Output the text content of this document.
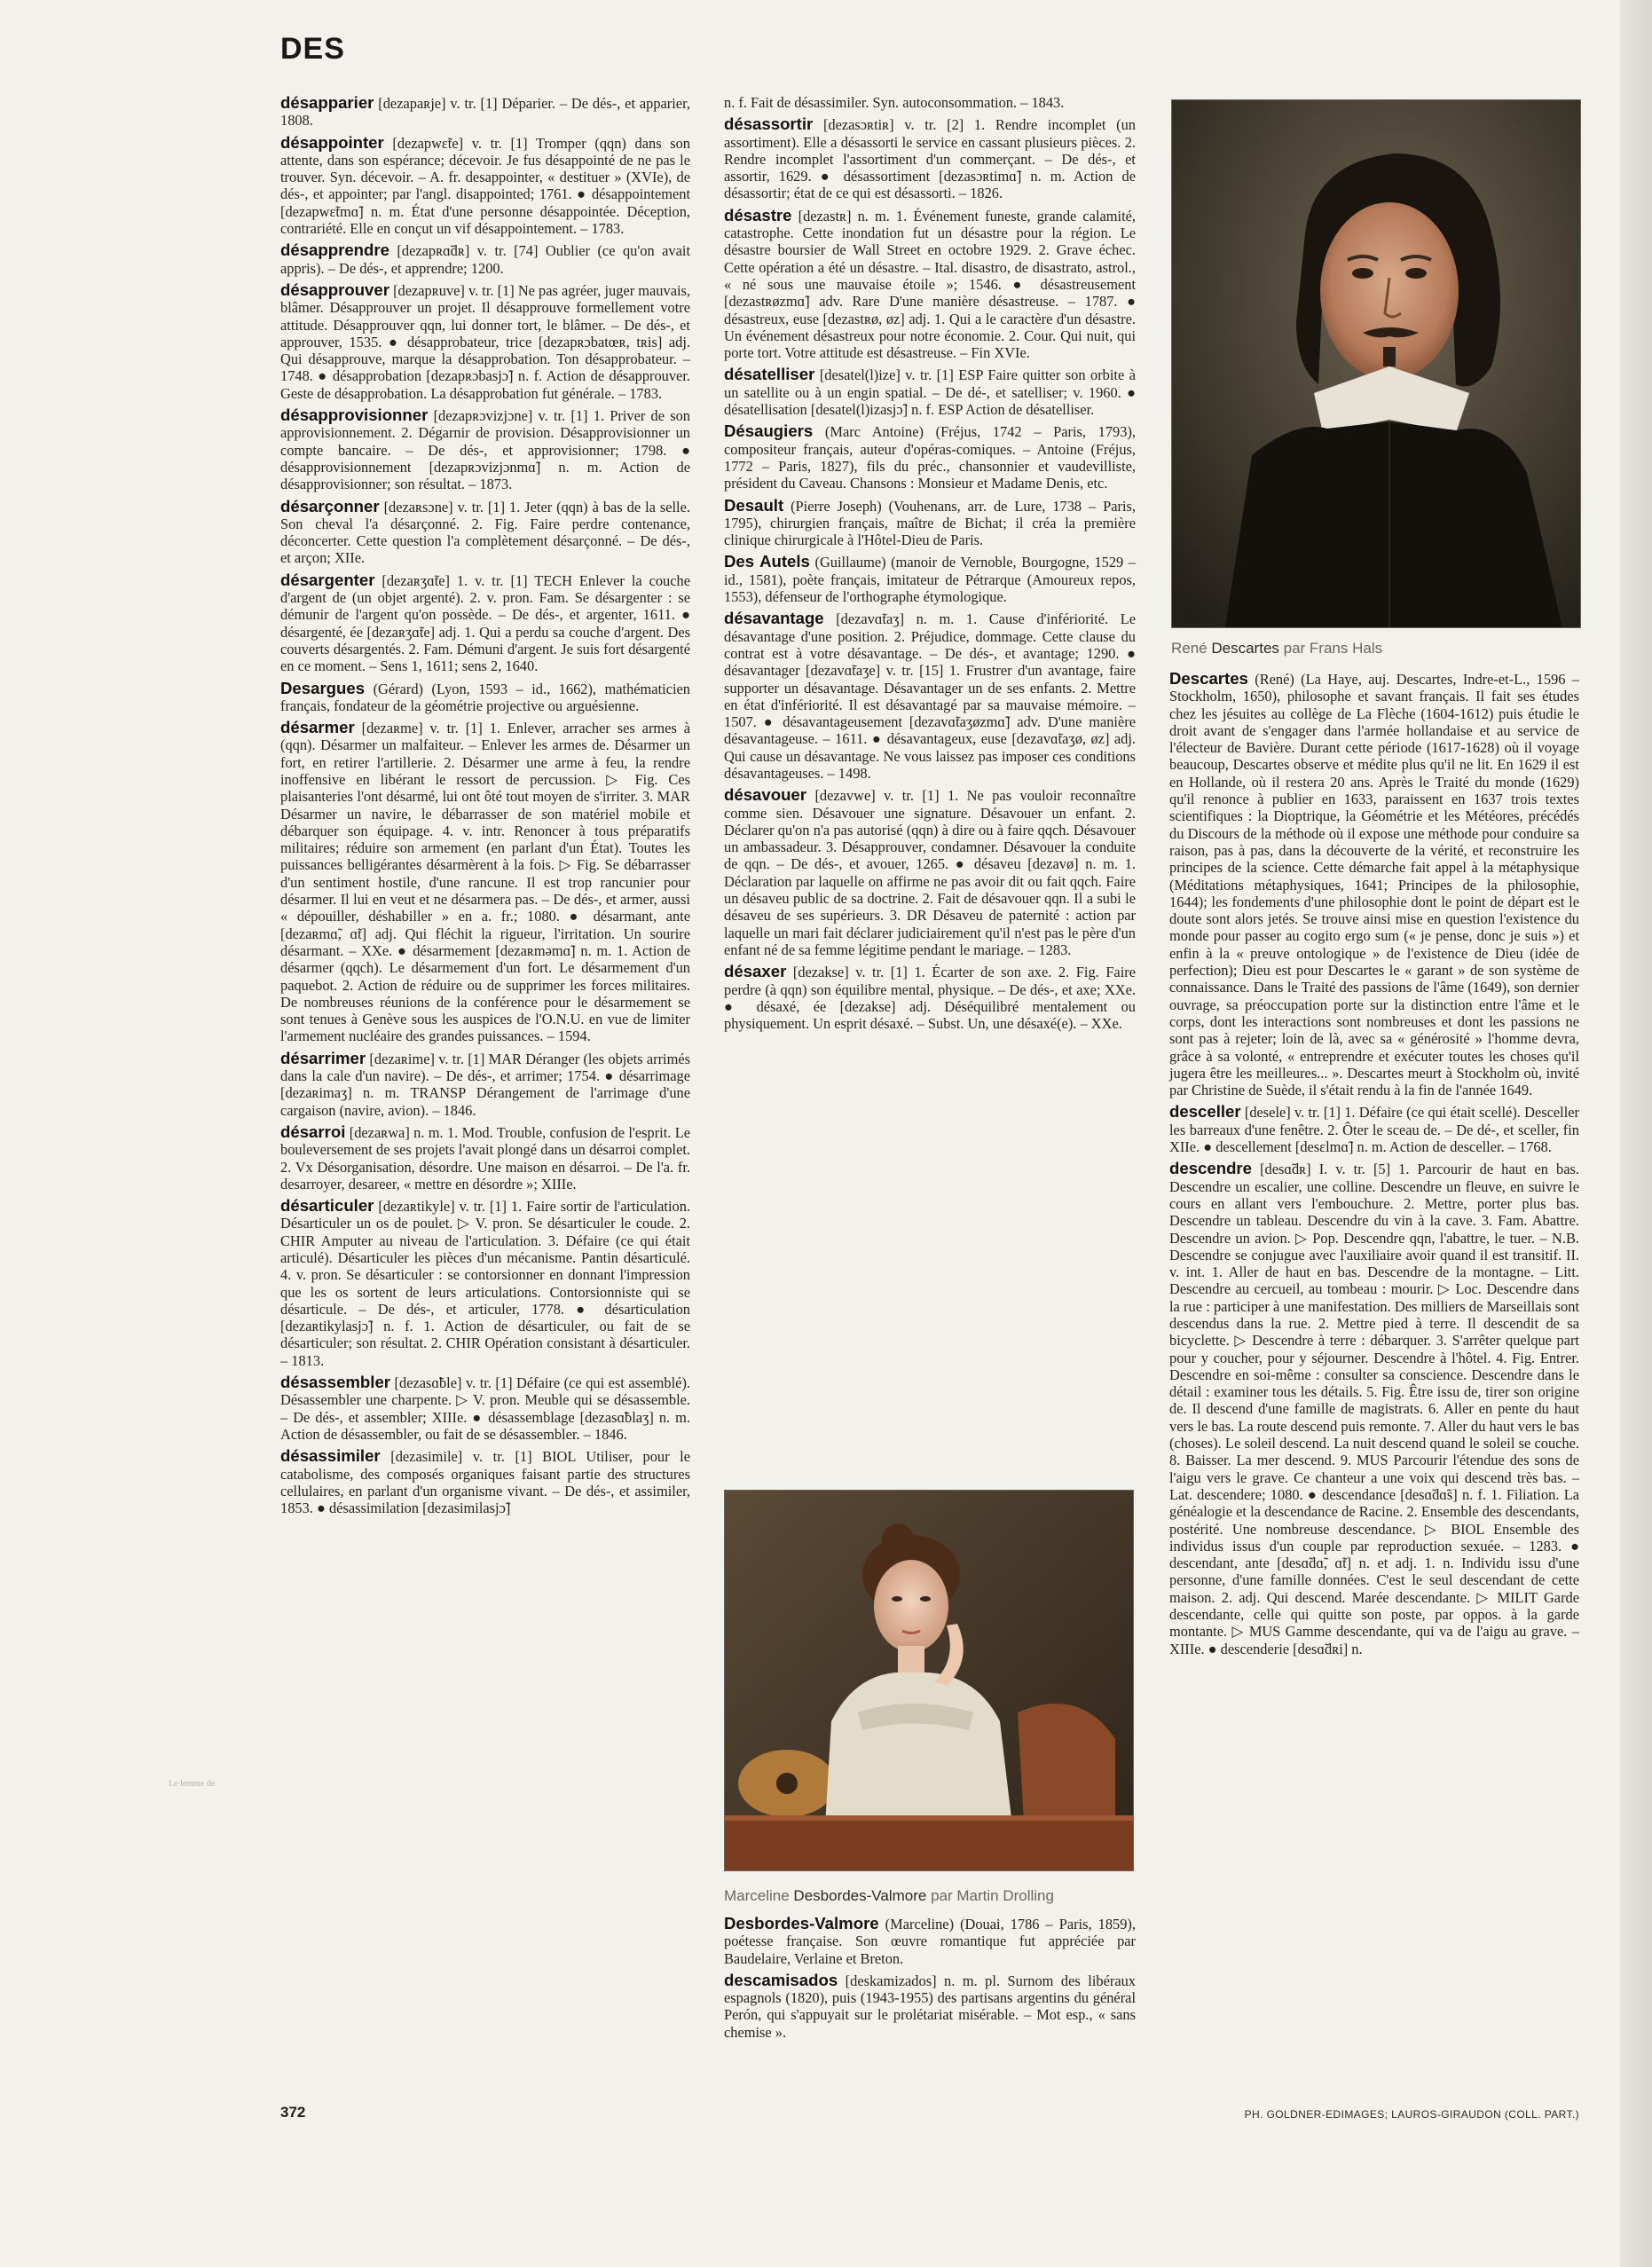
DES

désapparier [dezapaʀje] v. tr. [1] Déparier. – De dés-, et apparier, 1808.

désappointer [dezapwɛ̃te] v. tr. [1] Tromper (qqn) dans son attente, dans son espérance; décevoir. Je fus désappointé de ne pas le trouver. Syn. décevoir. – A. fr. desappointer, « destituer » (XVIe), de dés-, et appointer; par l'angl. disappointed; 1761. ● désappointement [dezapwɛ̃tmɑ̃] n. m. État d'une personne désappointée. Déception, contrariété. Elle en conçut un vif désappointement. – 1783.

désapprendre [dezapʀɑ̃dʀ] v. tr. [74] Oublier (ce qu'on avait appris). – De dés-, et apprendre; 1200.

désapprouver [dezapʀuve] v. tr. [1] Ne pas agréer, juger mauvais, blâmer. Désapprouver un projet. Il désapprouve formellement votre attitude. Désapprouver qqn, lui donner tort, le blâmer. – De dés-, et approuver, 1535. ● désapprobateur, trice [dezapʀɔbatœʀ, tʀis] adj. Qui désapprouve, marque la désapprobation. Ton désapprobateur. – 1748. ● désapprobation [dezapʀɔbasjɔ̃] n. f. Action de désapprouver. Geste de désapprobation. La désapprobation fut générale. – 1783.

désapprovisionner [dezapʀɔvizjɔne] v. tr. [1] 1. Priver de son approvisionnement. 2. Dégarnir de provision. Désapprovisionner un compte bancaire. – De dés-, et approvisionner; 1798. ● désapprovisionnement [dezapʀɔvizjɔnmɑ̃] n. m. Action de désapprovisionner; son résultat. – 1873.

désarçonner [dezaʀsɔne] v. tr. [1] 1. Jeter (qqn) à bas de la selle. Son cheval l'a désarçonné. 2. Fig. Faire perdre contenance, déconcerter. Cette question l'a complètement désarçonné. – De dés-, et arçon; XIIe.

désargenter [dezaʀʒɑ̃te] 1. v. tr. [1] TECH Enlever la couche d'argent de (un objet argenté). 2. v. pron. Fam. Se désargenter : se démunir de l'argent qu'on possède. – De dés-, et argenter, 1611. ● désargenté, ée [dezaʀʒɑ̃te] adj. 1. Qui a perdu sa couche d'argent. Des couverts désargentés. 2. Fam. Démuni d'argent. Je suis fort désargenté en ce moment. – Sens 1, 1611; sens 2, 1640.

Desargues (Gérard) (Lyon, 1593 – id., 1662), mathématicien français, fondateur de la géométrie projective ou arguésienne.

désarmer [dezaʀme] v. tr. [1] 1. Enlever, arracher ses armes à (qqn). Désarmer un malfaiteur. – Enlever les armes de. Désarmer un fort, en retirer l'artillerie. 2. Désarmer une arme à feu, la rendre inoffensive en libérant le ressort de percussion. ▷ Fig. Ces plaisanteries l'ont désarmé, lui ont ôté tout moyen de s'irriter. 3. MAR Désarmer un navire, le débarrasser de son matériel mobile et débarquer son équipage. 4. v. intr. Renoncer à tous préparatifs militaires; réduire son armement (en parlant d'un État). Toutes les puissances belligérantes désarmèrent à la fois. ▷ Fig. Se débarrasser d'un sentiment hostile, d'une rancune. Il est trop rancunier pour désarmer. Il lui en veut et ne désarmera pas. – De dés-, et armer, aussi « dépouiller, déshabiller » en a. fr.; 1080. ● désarmant, ante [dezaʀmɑ̃, ɑ̃t] adj. Qui fléchit la rigueur, l'irritation. Un sourire désarmant. – XXe. ● désarmement [dezaʀməmɑ̃] n. m. 1. Action de désarmer (qqch). Le désarmement d'un fort. Le désarmement d'un paquebot. 2. Action de réduire ou de supprimer les forces militaires. De nombreuses réunions de la conférence pour le désarmement se sont tenues à Genève sous les auspices de l'O.N.U. en vue de limiter l'armement nucléaire des grandes puissances. – 1594.

désarrimer [dezaʀime] v. tr. [1] MAR Déranger (les objets arrimés dans la cale d'un navire). – De dés-, et arrimer; 1754. ● désarrimage [dezaʀimaʒ] n. m. TRANSP Dérangement de l'arrimage d'une cargaison (navire, avion). – 1846.

désarroi [dezaʀwa] n. m. 1. Mod. Trouble, confusion de l'esprit. Le bouleversement de ses projets l'avait plongé dans un désarroi complet. 2. Vx Désorganisation, désordre. Une maison en désarroi. – De l'a. fr. desarroyer, desareer, « mettre en désordre »; XIIIe.

désarticuler [dezaʀtikyle] v. tr. [1] 1. Faire sortir de l'articulation. Désarticuler un os de poulet. ▷ V. pron. Se désarticuler le coude. 2. CHIR Amputer au niveau de l'articulation. 3. Défaire (ce qui était articulé). Désarticuler les pièces d'un mécanisme. Pantin désarticulé. 4. v. pron. Se désarticuler : se contorsionner en donnant l'impression que les os sortent de leurs articulations. Contorsionniste qui se désarticule. – De dés-, et articuler, 1778. ● désarticulation [dezaʀtikylasjɔ̃] n. f. 1. Action de désarticuler, ou fait de se désarticuler; son résultat. 2. CHIR Opération consistant à désarticuler. – 1813.

désassembler [dezasɑ̃ble] v. tr. [1] Défaire (ce qui est assemblé). Désassembler une charpente. ▷ V. pron. Meuble qui se désassemble. – De dés-, et assembler; XIIIe. ● désassemblage [dezasɑ̃blaʒ] n. m. Action de désassembler, ou fait de se désassembler. – 1846.

désassimiler [dezasimile] v. tr. [1] BIOL Utiliser, pour le catabolisme, des composés organiques faisant partie des structures cellulaires, en parlant d'un organisme vivant. – De dés-, et assimiler, 1853. ● désassimilation [dezasimilasjɔ̃]

n. f. Fait de désassimiler. Syn. autoconsommation. – 1843.

désassortir [dezasɔʀtiʀ] v. tr. [2] 1. Rendre incomplet (un assortiment). Elle a désassorti le service en cassant plusieurs pièces. 2. Rendre incomplet l'assortiment d'un commerçant. – De dés-, et assortir, 1629. ● désassortiment [dezasɔʀtimɑ̃] n. m. Action de désassortir; état de ce qui est désassorti. – 1826.

désastre [dezastʀ] n. m. 1. Événement funeste, grande calamité, catastrophe. Cette inondation fut un désastre pour la région. Le désastre boursier de Wall Street en octobre 1929. 2. Grave échec. Cette opération a été un désastre. – Ital. disastro, de disastrato, astrol., « né sous une mauvaise étoile »; 1546. ● désastreusement [dezastʀøzmɑ̃] adv. Rare D'une manière désastreuse. – 1787. ● désastreux, euse [dezastʀø, øz] adj. 1. Qui a le caractère d'un désastre. Un événement désastreux pour notre économie. 2. Cour. Qui nuit, qui porte tort. Votre attitude est désastreuse. – Fin XVIe.

désatelliser [desatel(l)ize] v. tr. [1] ESP Faire quitter son orbite à un satellite ou à un engin spatial. – De dé-, et satelliser; v. 1960. ● désatellisation [desatel(l)izasjɔ̃] n. f. ESP Action de désatelliser.

Désaugiers (Marc Antoine) (Fréjus, 1742 – Paris, 1793), compositeur français, auteur d'opéras-comiques. – Antoine (Fréjus, 1772 – Paris, 1827), fils du préc., chansonnier et vaudevilliste, président du Caveau. Chansons : Monsieur et Madame Denis, etc.

Desault (Pierre Joseph) (Vouhenans, arr. de Lure, 1738 – Paris, 1795), chirurgien français, maître de Bichat; il créa la première clinique chirurgicale à l'Hôtel-Dieu de Paris.

Des Autels (Guillaume) (manoir de Vernoble, Bourgogne, 1529 – id., 1581), poète français, imitateur de Pétrarque (Amoureux repos, 1553), défenseur de l'orthographe étymologique.

désavantage [dezavɑ̃taʒ] n. m. 1. Cause d'infériorité. Le désavantage d'une position. 2. Préjudice, dommage. Cette clause du contrat est à votre désavantage. – De dés-, et avantage; 1290. ● désavantager [dezavɑ̃taʒe] v. tr. [15] 1. Frustrer d'un avantage, faire supporter un désavantage. Désavantager un de ses enfants. 2. Mettre en état d'infériorité. Il est désavantagé par sa mauvaise mémoire. – 1507. ● désavantageusement [dezavɑ̃taʒøzmɑ̃] adv. D'une manière désavantageuse. – 1611. ● désavantageux, euse [dezavɑ̃taʒø, øz] adj. Qui cause un désavantage. Ne vous laissez pas imposer ces conditions désavantageuses. – 1498.

désavouer [dezavwe] v. tr. [1] 1. Ne pas vouloir reconnaître comme sien. Désavouer une signature. Désavouer un enfant. 2. Déclarer qu'on n'a pas autorisé (qqn) à dire ou à faire qqch. Désavouer un ambassadeur. 3. Désapprouver, condamner. Désavouer la conduite de qqn. – De dés-, et avouer, 1265. ● désaveu [dezavø] n. m. 1. Déclaration par laquelle on affirme ne pas avoir dit ou fait qqch. Faire un désaveu public de sa doctrine. 2. Fait de désavouer qqn. Il a subi le désaveu de ses supérieurs. 3. DR Désaveu de paternité : action par laquelle un mari fait déclarer judiciairement qu'il n'est pas le père d'un enfant né de sa femme légitime pendant le mariage. – 1283.

désaxer [dezakse] v. tr. [1] 1. Écarter de son axe. 2. Fig. Faire perdre (à qqn) son équilibre mental, physique. – De dés-, et axe; XXe. ● désaxé, ée [dezakse] adj. Déséquilibré mentalement ou physiquement. Un esprit désaxé. – Subst. Un, une désaxé(e). – XXe.

Desbordes-Valmore (Marceline) (Douai, 1786 – Paris, 1859), poétesse française. Son œuvre romantique fut appréciée par Baudelaire, Verlaine et Breton.

descamisados [deskamizados] n. m. pl. Surnom des libéraux espagnols (1820), puis (1943-1955) des partisans argentins du général Perón, qui s'appuyait sur le prolétariat misérable. – Mot esp., « sans chemise ».

Descartes (René) (La Haye, auj. Descartes, Indre-et-L., 1596 – Stockholm, 1650), philosophe et savant français. Il fait ses études chez les jésuites au collège de La Flèche (1604-1612) puis étudie le droit avant de s'engager dans l'armée hollandaise et au service de l'électeur de Bavière. Durant cette période (1617-1628) où il voyage beaucoup, Descartes observe et médite plus qu'il ne lit. En 1629 il est en Hollande, où il restera 20 ans. Après le Traité du monde (1629) qu'il renonce à publier en 1633, paraissent en 1637 trois textes scientifiques : la Dioptrique, la Géométrie et les Météores, précédés du Discours de la méthode où il expose une méthode pour conduire sa raison, pas à pas, dans la découverte de la vérité, et reconstruire les principes de la science. Cette démarche fait appel à la métaphysique (Méditations métaphysiques, 1641; Principes de la philosophie, 1644); les fondements d'une philosophie dont le point de départ est le doute sont alors jetés. Se trouve ainsi mise en question l'existence du monde pour passer au cogito ergo sum (« je pense, donc je suis ») et enfin à la « preuve ontologique » de l'existence de Dieu (idée de perfection); Dieu est pour Descartes le « garant » de son système de connaissance. Dans le Traité des passions de l'âme (1649), son dernier ouvrage, sa préoccupation porte sur la distinction entre l'âme et le corps, dont les interactions sont nombreuses et dont les passions ne sont pas à rejeter; loin de là, avec sa « générosité » l'homme devra, grâce à sa volonté, « entreprendre et exécuter toutes les choses qu'il jugera être les meilleures... ». Descartes meurt à Stockholm où, invité par Christine de Suède, il s'était rendu à la fin de l'année 1649.

desceller [desele] v. tr. [1] 1. Défaire (ce qui était scellé). Desceller les barreaux d'une fenêtre. 2. Ôter le sceau de. – De dé-, et sceller, fin XIIe. ● descellement [desɛlmɑ̃] n. m. Action de desceller. – 1768.

descendre [desɑ̃dʀ] I. v. tr. [5] 1. Parcourir de haut en bas. Descendre un escalier, une colline. Descendre un fleuve, en suivre le cours en allant vers l'embouchure. 2. Mettre, porter plus bas. Descendre un tableau. Descendre du vin à la cave. 3. Fam. Abattre. Descendre un avion. ▷ Pop. Descendre qqn, l'abattre, le tuer. – N.B. Descendre se conjugue avec l'auxiliaire avoir quand il est transitif. II. v. int. 1. Aller de haut en bas. Descendre de la montagne. – Litt. Descendre au cercueil, au tombeau : mourir. ▷ Loc. Descendre dans la rue : participer à une manifestation. Des milliers de Marseillais sont descendus dans la rue. 2. Mettre pied à terre. Il descendit de sa bicyclette. ▷ Descendre à terre : débarquer. 3. S'arrêter quelque part pour y coucher, pour y séjourner. Descendre à l'hôtel. 4. Fig. Entrer. Descendre en soi-même : consulter sa conscience. Descendre dans le détail : examiner tous les détails. 5. Fig. Être issu de, tirer son origine de. Il descend d'une famille de magistrats. 6. Aller en pente du haut vers le bas. La route descend puis remonte. 7. Aller du haut vers le bas (choses). Le soleil descend. La nuit descend quand le soleil se couche. 8. Baisser. La mer descend. 9. MUS Parcourir l'étendue des sons de l'aigu vers le grave. Ce chanteur a une voix qui descend très bas. – Lat. descendere; 1080. ● descendance [desɑ̃dɑ̃s] n. f. 1. Filiation. La généalogie et la descendance de Racine. 2. Ensemble des descendants, postérité. Une nombreuse descendance. ▷ BIOL Ensemble des individus issus d'un couple par reproduction sexuée. – 1283. ● descendant, ante [desɑ̃dɑ̃, ɑ̃t] n. et adj. 1. n. Individu issu d'une personne, d'une famille données. C'est le seul descendant de cette maison. 2. adj. Qui descend. Marée descendante. ▷ MILIT Garde descendante, celle qui quitte son poste, par oppos. à la garde montante. ▷ MUS Gamme descendante, qui va de l'aigu au grave. – XIIIe. ● descenderie [desɑ̃dʀi] n.

René Descartes par Frans Hals
Marceline Desbordes-Valmore par Martin Drolling
Le lemme de
372	PH. GOLDNER-EDIMAGES; LAUROS-GIRAUDON (COLL. PART.)
